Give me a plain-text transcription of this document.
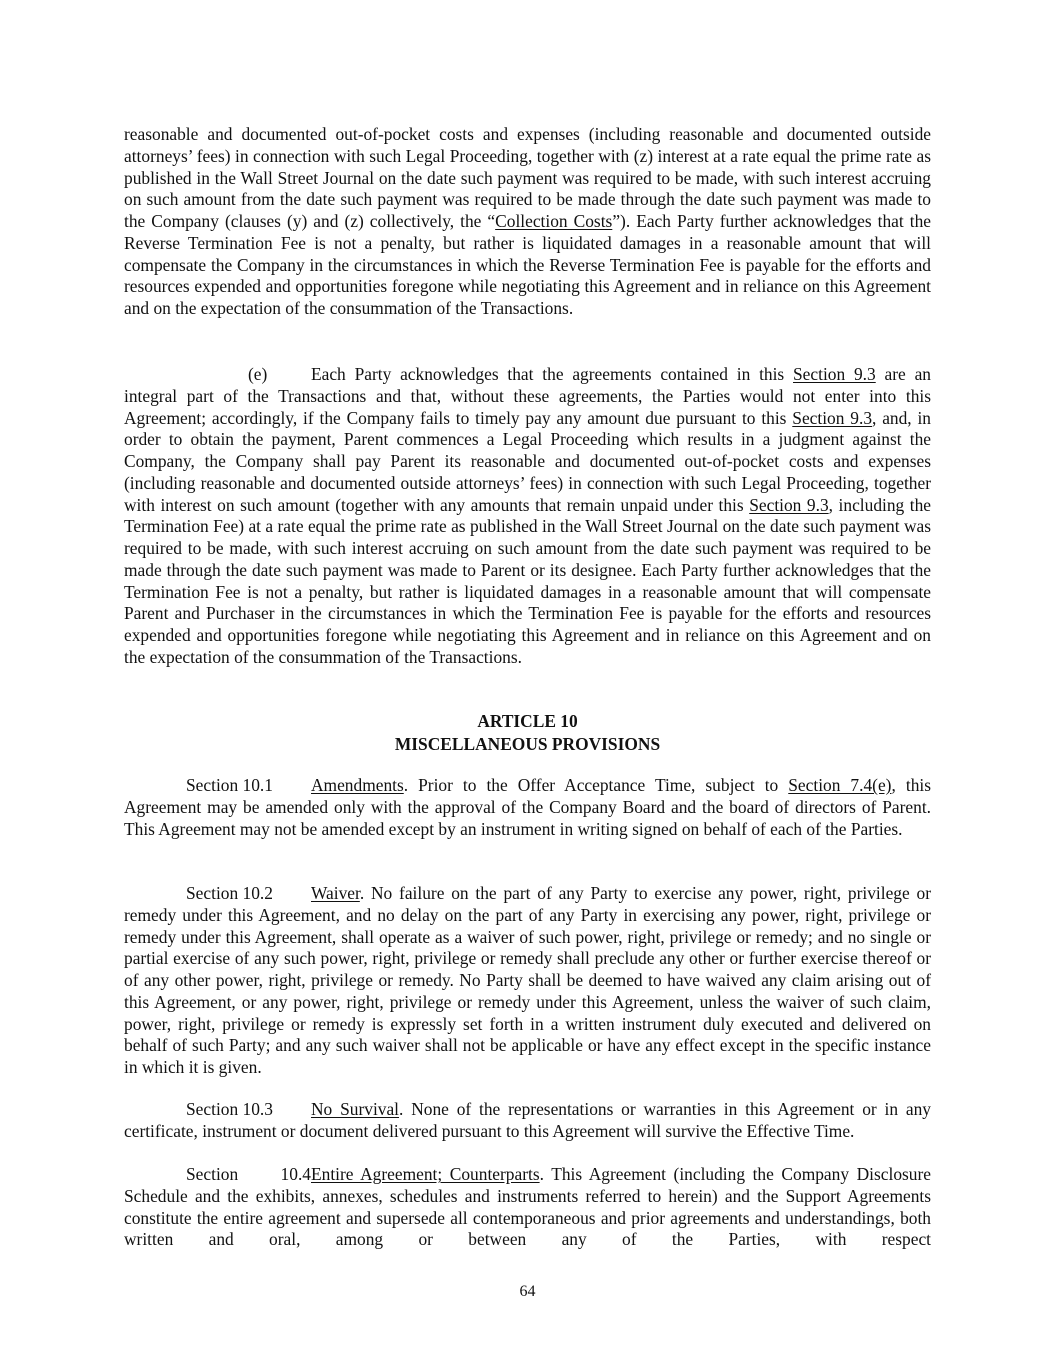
reasonable and documented out-of-pocket costs and expenses (including reasonable and documented outside attorneys’ fees) in connection with such Legal Proceeding, together with (z) interest at a rate equal the prime rate as published in the Wall Street Journal on the date such payment was required to be made, with such interest accruing on such amount from the date such payment was required to be made through the date such payment was made to the Company (clauses (y) and (z) collectively, the “Collection Costs”). Each Party further acknowledges that the Reverse Termination Fee is not a penalty, but rather is liquidated damages in a reasonable amount that will compensate the Company in the circumstances in which the Reverse Termination Fee is payable for the efforts and resources expended and opportunities foregone while negotiating this Agreement and in reliance on this Agreement and on the expectation of the consummation of the Transactions.

(e)	Each Party acknowledges that the agreements contained in this Section 9.3 are an integral part of the Transactions and that, without these agreements, the Parties would not enter into this Agreement; accordingly, if the Company fails to timely pay any amount due pursuant to this Section 9.3, and, in order to obtain the payment, Parent commences a Legal Proceeding which results in a judgment against the Company, the Company shall pay Parent its reasonable and documented out-of-pocket costs and expenses (including reasonable and documented outside attorneys’ fees) in connection with such Legal Proceeding, together with interest on such amount (together with any amounts that remain unpaid under this Section 9.3, including the Termination Fee) at a rate equal the prime rate as published in the Wall Street Journal on the date such payment was required to be made, with such interest accruing on such amount from the date such payment was required to be made through the date such payment was made to Parent or its designee. Each Party further acknowledges that the Termination Fee is not a penalty, but rather is liquidated damages in a reasonable amount that will compensate Parent and Purchaser in the circumstances in which the Termination Fee is payable for the efforts and resources expended and opportunities foregone while negotiating this Agreement and in reliance on this Agreement and on the expectation of the consummation of the Transactions.

ARTICLE 10

MISCELLANEOUS PROVISIONS

Section 10.1 Amendments. Prior to the Offer Acceptance Time, subject to Section 7.4(e), this Agreement may be amended only with the approval of the Company Board and the board of directors of Parent. This Agreement may not be amended except by an instrument in writing signed on behalf of each of the Parties.

Section 10.2 Waiver. No failure on the part of any Party to exercise any power, right, privilege or remedy under this Agreement, and no delay on the part of any Party in exercising any power, right, privilege or remedy under this Agreement, shall operate as a waiver of such power, right, privilege or remedy; and no single or partial exercise of any such power, right, privilege or remedy shall preclude any other or further exercise thereof or of any other power, right, privilege or remedy. No Party shall be deemed to have waived any claim arising out of this Agreement, or any power, right, privilege or remedy under this Agreement, unless the waiver of such claim, power, right, privilege or remedy is expressly set forth in a written instrument duly executed and delivered on behalf of such Party; and any such waiver shall not be applicable or have any effect except in the specific instance in which it is given.

Section 10.3 No Survival. None of the representations or warranties in this Agreement or in any certificate, instrument or document delivered pursuant to this Agreement will survive the Effective Time.

Section 10.4Entire Agreement; Counterparts. This Agreement (including the Company Disclosure Schedule and the exhibits, annexes, schedules and instruments referred to herein) and the Support Agreements constitute the entire agreement and supersede all contemporaneous and prior agreements and understandings, both written and oral, among or between any of the Parties, with respect

64
